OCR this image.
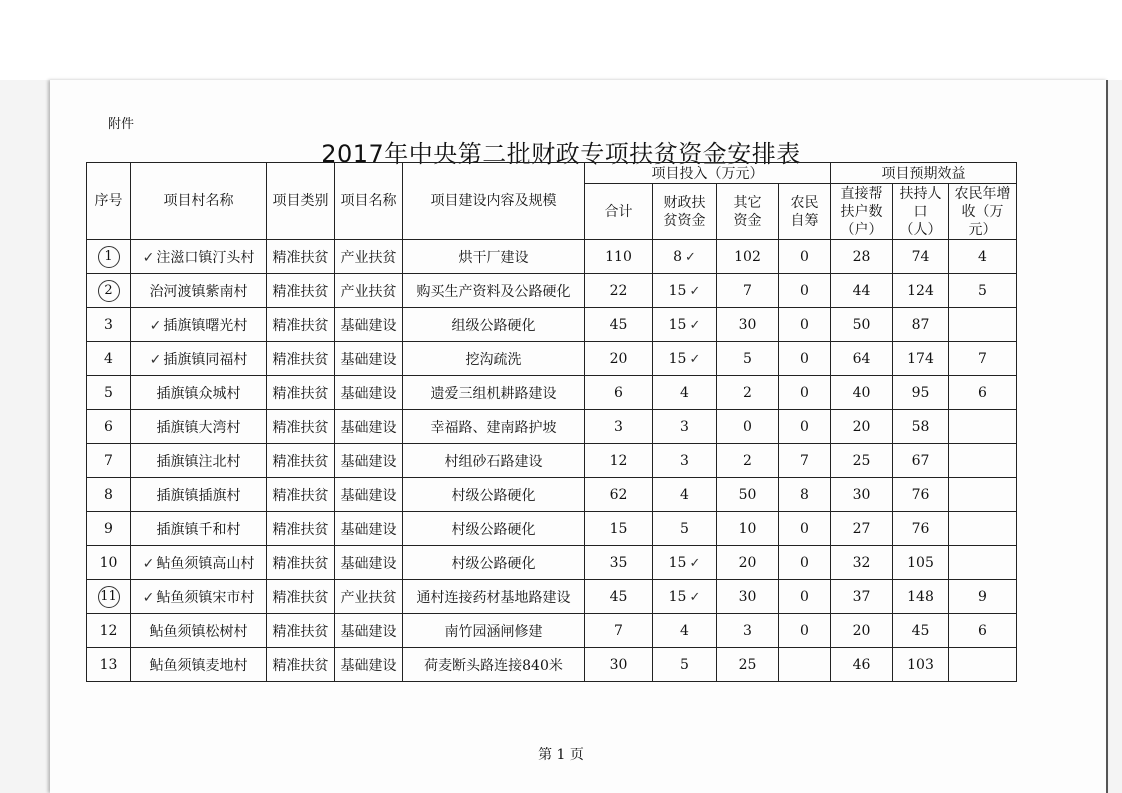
附件
2017年中央第二批财政专项扶贫资金安排表
序号	项目村名称	项目类别	项目名称	项目建设内容及规模	项目投入（万元）				项目预期效益		
					合计	财政扶贫资金	其它资金	农民自筹	直接帮扶户数（户）	扶持人口（人）	农民年增收（万元）
1	✓ 注滋口镇汀头村	精准扶贫	产业扶贫	烘干厂建设	110	8 ✓	102	0	28	74	4
2	治河渡镇紫南村	精准扶贫	产业扶贫	购买生产资料及公路硬化	22	15 ✓	7	0	44	124	5
3	✓ 插旗镇曙光村	精准扶贫	基础建设	组级公路硬化	45	15 ✓	30	0	50	87	
4	✓ 插旗镇同福村	精准扶贫	基础建设	挖沟疏洗	20	15 ✓	5	0	64	174	7
5	插旗镇众城村	精准扶贫	基础建设	遗爱三组机耕路建设	6	4	2	0	40	95	6
6	插旗镇大湾村	精准扶贫	基础建设	幸福路、建南路护坡	3	3	0	0	20	58	
7	插旗镇注北村	精准扶贫	基础建设	村组砂石路建设	12	3	2	7	25	67	
8	插旗镇插旗村	精准扶贫	基础建设	村级公路硬化	62	4	50	8	30	76	
9	插旗镇千和村	精准扶贫	基础建设	村级公路硬化	15	5	10	0	27	76	
10	✓ 鲇鱼须镇高山村	精准扶贫	基础建设	村级公路硬化	35	15 ✓	20	0	32	105	
11	✓ 鲇鱼须镇宋市村	精准扶贫	产业扶贫	通村连接药材基地路建设	45	15 ✓	30	0	37	148	9
12	鲇鱼须镇松树村	精准扶贫	基础建设	南竹园涵闸修建	7	4	3	0	20	45	6
13	鲇鱼须镇麦地村	精准扶贫	基础建设	荷麦断头路连接840米	30	5	25		46	103	
第 1 页
